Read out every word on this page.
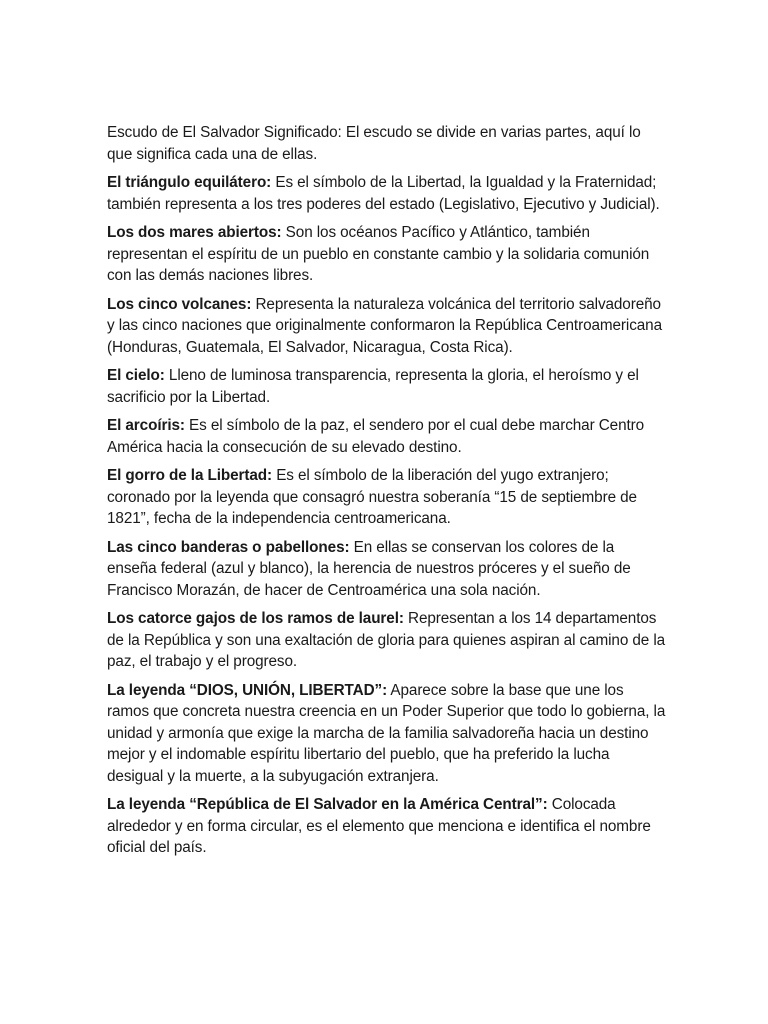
Escudo de El Salvador Significado: El escudo se divide en varias partes, aquí lo que significa cada una de ellas.

El triángulo equilátero: Es el símbolo de la Libertad, la Igualdad y la Fraternidad; también representa a los tres poderes del estado (Legislativo, Ejecutivo y Judicial).

Los dos mares abiertos: Son los océanos Pacífico y Atlántico, también representan el espíritu de un pueblo en constante cambio y la solidaria comunión con las demás naciones libres.

Los cinco volcanes: Representa la naturaleza volcánica del territorio salvadoreño y las cinco naciones que originalmente conformaron la República Centroamericana (Honduras, Guatemala, El Salvador, Nicaragua, Costa Rica).

El cielo: Lleno de luminosa transparencia, representa la gloria, el heroísmo y el sacrificio por la Libertad.

El arcoíris: Es el símbolo de la paz, el sendero por el cual debe marchar Centro América hacia la consecución de su elevado destino.

El gorro de la Libertad: Es el símbolo de la liberación del yugo extranjero; coronado por la leyenda que consagró nuestra soberanía “15 de septiembre de 1821”, fecha de la independencia centroamericana.

Las cinco banderas o pabellones: En ellas se conservan los colores de la enseña federal (azul y blanco), la herencia de nuestros próceres y el sueño de Francisco Morazán, de hacer de Centroamérica una sola nación.

Los catorce gajos de los ramos de laurel: Representan a los 14 departamentos de la República y son una exaltación de gloria para quienes aspiran al camino de la paz, el trabajo y el progreso.

La leyenda “DIOS, UNIÓN, LIBERTAD”: Aparece sobre la base que une los ramos que concreta nuestra creencia en un Poder Superior que todo lo gobierna, la unidad y armonía que exige la marcha de la familia salvadoreña hacia un destino mejor y el indomable espíritu libertario del pueblo, que ha preferido la lucha desigual y la muerte, a la subyugación extranjera.

La leyenda “República de El Salvador en la América Central”: Colocada alrededor y en forma circular, es el elemento que menciona e identifica el nombre oficial del país.
